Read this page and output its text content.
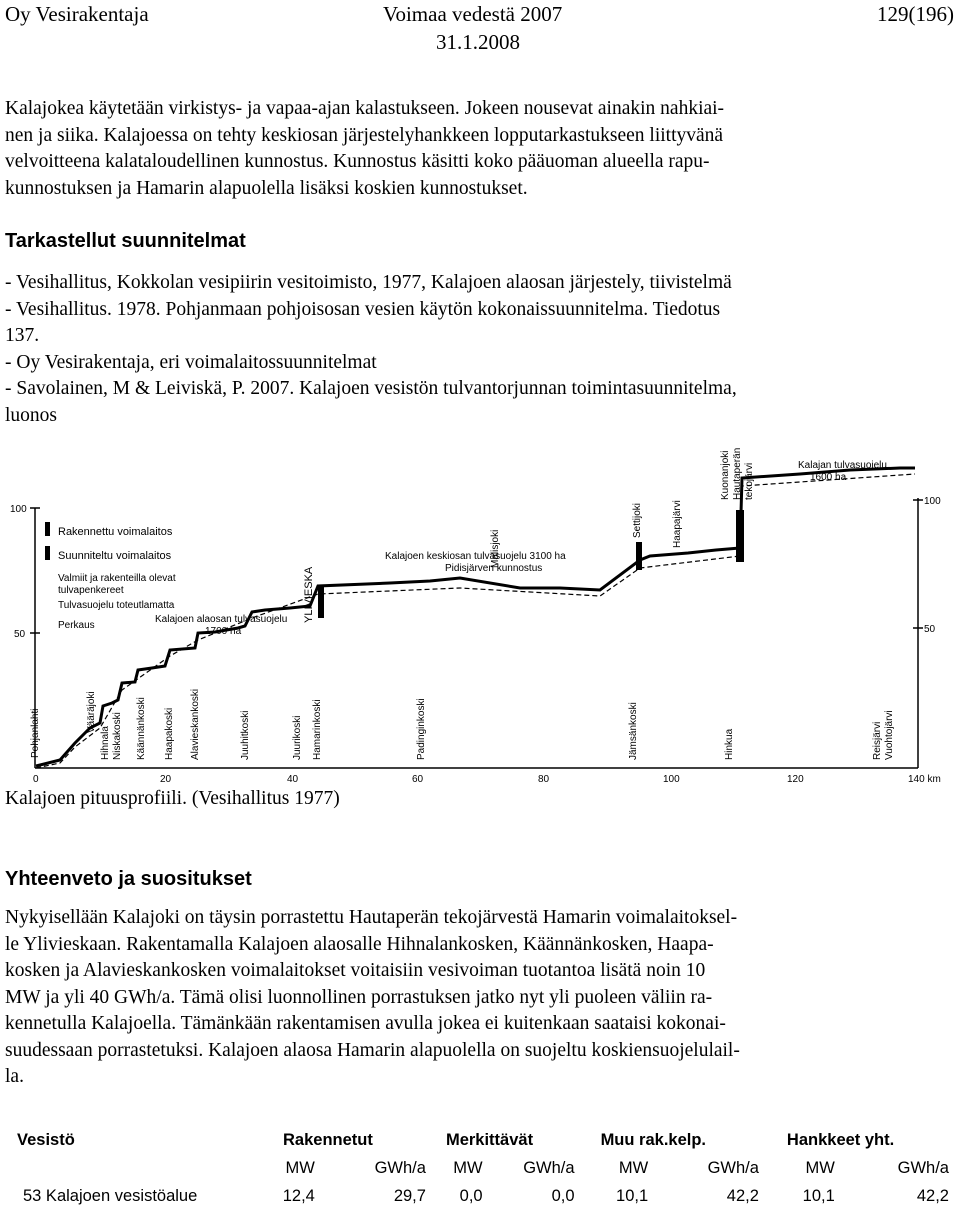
Oy Vesirakentaja	Voimaa vedestä 2007	129(196)
31.1.2008
Kalajokea käytetään virkistys- ja vapaa-ajan kalastukseen. Jokeen nousevat ainakin nahkiai-
nen ja siika. Kalajoessa on tehty keskiosan järjestelyhankkeen lopputarkastukseen liittyvänä
velvoitteena kalataloudellinen kunnostus. Kunnostus käsitti koko pääuoman alueella rapu-
kunnostuksen ja Hamarin alapuolella lisäksi koskien kunnostukset.
Tarkastellut suunnitelmat
- Vesihallitus, Kokkolan vesipiirin vesitoimisto, 1977, Kalajoen alaosan järjestely, tiivistelmä
- Vesihallitus. 1978. Pohjanmaan pohjoisosan vesien käytön kokonaissuunnitelma. Tiedotus
137.
- Oy Vesirakentaja, eri voimalaitossuunnitelmat
- Savolainen, M & Leiviskä, P. 2007. Kalajoen vesistön tulvantorjunnan toimintasuunnitelma,
luonos
Rakennettu voimalaitos
Suunniteltu voimalaitos
Valmiit ja rakenteilla olevat
tulvapenkereet
Tulvasuojelu toteutlamatta
Perkaus
Kalajoen alaosan tulvasuojelu
1700 ha
Kalajoen keskiosan tulvasuojelu 3100 ha
Pidisjärven kunnostus
Kalajan tulvasuojelu
1600 ha
YLIVIESKA
Malisjoki
Settijoki	Haapajärvi
Kuonanjoki Hautaperän tekojärvi
Pohjanlahti	Vääräjoki
Hihnala Niskakoski Käännänkoski Haapakoski Alavieskankoski	Juuhitkoski	Juurikoski Hamarinkoski	Padinginkoski	Jämsänkoski	Hinkua	Reisjärvi Vuohtojärvi
100
50
100
50
0	20	40	60	80	100	120	140 km
Kalajoen pituusprofiili. (Vesihallitus 1977)
Yhteenveto ja suositukset
Nykyisellään Kalajoki on täysin porrastettu Hautaperän tekojärvestä Hamarin voimalaitoksel-
le Ylivieskaan. Rakentamalla Kalajoen alaosalle Hihnalankosken, Käännänkosken, Haapa-
kosken ja Alavieskankosken voimalaitokset voitaisiin vesivoiman tuotantoa lisätä noin 10
MW ja yli 40 GWh/a. Tämä olisi luonnollinen porrastuksen jatko nyt yli puoleen väliin ra-
kennetulla Kalajoella. Tämänkään rakentamisen avulla jokea ei kuitenkaan saataisi kokonai-
suudessaan porrastetuksi. Kalajoen alaosa Hamarin alapuolella on suojeltu koskiensuojelulail-
la.
Vesistö	Rakennetut		Merkittävät		Muu rak.kelp.		Hankkeet yht.	
	MW	GWh/a	MW	GWh/a	MW	GWh/a	MW	GWh/a
53 Kalajoen vesistöalue	12,4	29,7	0,0	0,0	10,1	42,2	10,1	42,2
